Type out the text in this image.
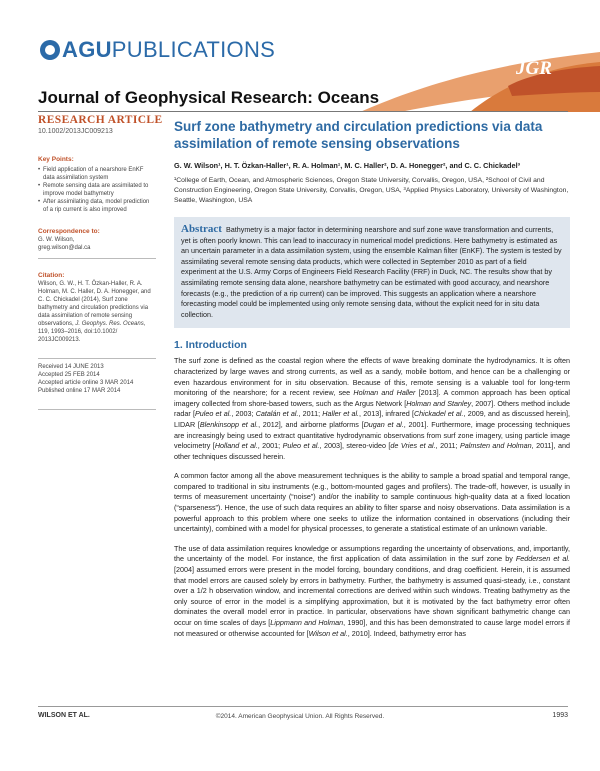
AGUPUBLICATIONS
JGR
Journal of Geophysical Research: Oceans
RESEARCH ARTICLE
10.1002/2013JC009213
Key Points:
• Field application of a nearshore EnKF data assimilation system
• Remote sensing data are assimilated to improve model bathymetry
• After assimilating data, model prediction of a rip current is also improved
Correspondence to:
G. W. Wilson,
greg.wilson@dal.ca
Citation:
Wilson, G. W., H. T. Özkan-Haller, R. A. Holman, M. C. Haller, D. A. Honegger, and C. C. Chickadel (2014), Surf zone bathymetry and circulation predictions via data assimilation of remote sensing observations, J. Geophys. Res. Oceans, 119, 1993–2016, doi:10.1002/ 2013JC009213.
Received 14 JUNE 2013
Accepted 25 FEB 2014
Accepted article online 3 MAR 2014
Published online 17 MAR 2014
Surf zone bathymetry and circulation predictions via data assimilation of remote sensing observations
G. W. Wilson¹, H. T. Özkan-Haller¹, R. A. Holman¹, M. C. Haller², D. A. Honegger², and C. C. Chickadel³
¹College of Earth, Ocean, and Atmospheric Sciences, Oregon State University, Corvallis, Oregon, USA, ²School of Civil and Construction Engineering, Oregon State University, Corvallis, Oregon, USA, ³Applied Physics Laboratory, University of Washington, Seattle, Washington, USA
Abstract Bathymetry is a major factor in determining nearshore and surf zone wave transformation and currents, yet is often poorly known. This can lead to inaccuracy in numerical model predictions. Here bathymetry is estimated as an uncertain parameter in a data assimilation system, using the ensemble Kalman filter (EnKF). The system is tested by assimilating several remote sensing data products, which were collected in September 2010 as part of a field experiment at the U.S. Army Corps of Engineers Field Research Facility (FRF) in Duck, NC. The results show that by assimilating remote sensing data alone, nearshore bathymetry can be estimated with good accuracy, and nearshore forecasts (e.g., the prediction of a rip current) can be improved. This suggests an application where a nearshore forecasting model could be implemented using only remote sensing data, without the explicit need for in situ data collection.
1. Introduction

The surf zone is defined as the coastal region where the effects of wave breaking dominate the hydrodynamics. It is often characterized by large waves and strong currents, as well as a sandy, mobile bottom, and hence can be a challenging or even hazardous environment for in situ observation. Because of this, remote sensing is a valuable tool for long-term monitoring of the nearshore; for a recent review, see Holman and Haller [2013]. A common approach has been optical imagery collected from shore-based towers, such as the Argus Network [Holman and Stanley, 2007]. Others method include radar [Puleo et al., 2003; Catalán et al., 2011; Haller et al., 2013], infrared [Chickadel et al., 2009, and as discussed herein], LIDAR [Blenkinsopp et al., 2012], and airborne platforms [Dugan et al., 2001]. Furthermore, image processing techniques are increasingly being used to extract quantitative hydrodynamic observations from surf zone imagery, using particle image velocimetry [Holland et al., 2001; Puleo et al., 2003], stereo-video [de Vries et al., 2011; Palmsten and Holman, 2011], and other techniques discussed herein.

A common factor among all the above measurement techniques is the ability to sample a broad spatial and temporal range, compared to traditional in situ instruments (e.g., bottom-mounted gages and profilers). The trade-off, however, is usually in terms of measurement uncertainty (“noise”) and/or the inability to sample continuous high-quality data at a fixed location (“sparseness”). Hence, the use of such data requires an ability to filter sparse and noisy observations. Data assimilation is a powerful approach to this problem where one seeks to utilize the information contained in observations (including their uncertainty), combined with a model for physical processes, to generate a statistical estimate of an unknown variable.

The use of data assimilation requires knowledge or assumptions regarding the uncertainty of observations, and, importantly, the uncertainty of the model. For instance, the first application of data assimilation in the surf zone by Feddersen et al. [2004] assumed errors were present in the model forcing, boundary conditions, and drag coefficient. Herein, it is assumed that model errors are caused solely by errors in bathymetry. Further, the bathymetry is assumed quasi-steady, i.e., constant over a 1/2 h observation window, and incremental corrections are derived within such windows. Treating bathymetry as the only source of error in the model is a simplifying approximation, but it is motivated by the fact bathymetry error often dominates the overall model error in practice. In particular, observations have shown significant bathymetric change can occur on time scales of days [Lippmann and Holman, 1990], and this has been demonstrated to cause large model errors if not measured or otherwise accounted for [Wilson et al., 2010]. Indeed, bathymetry error has

WILSON ET AL.	©2014. American Geophysical Union. All Rights Reserved.	1993
